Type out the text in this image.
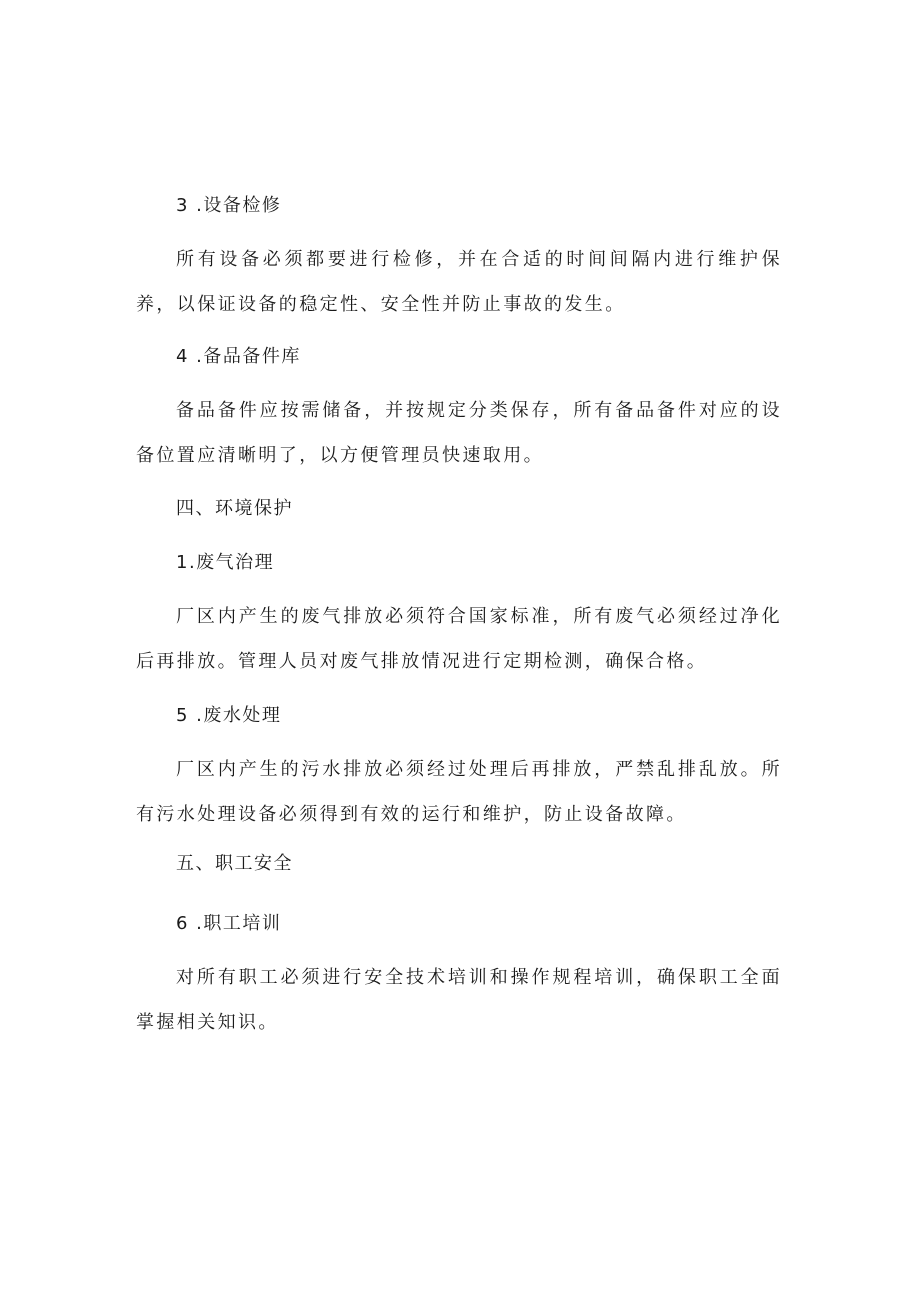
3 .设备检修
所有设备必须都要进行检修，并在合适的时间间隔内进行维护保养，以保证设备的稳定性、安全性并防止事故的发生。
4 .备品备件库
备品备件应按需储备，并按规定分类保存，所有备品备件对应的设备位置应清晰明了，以方便管理员快速取用。
四、环境保护
1.废气治理
厂区内产生的废气排放必须符合国家标准，所有废气必须经过净化后再排放。管理人员对废气排放情况进行定期检测，确保合格。
5 .废水处理
厂区内产生的污水排放必须经过处理后再排放，严禁乱排乱放。所有污水处理设备必须得到有效的运行和维护，防止设备故障。
五、职工安全
6 .职工培训
对所有职工必须进行安全技术培训和操作规程培训，确保职工全面掌握相关知识。
